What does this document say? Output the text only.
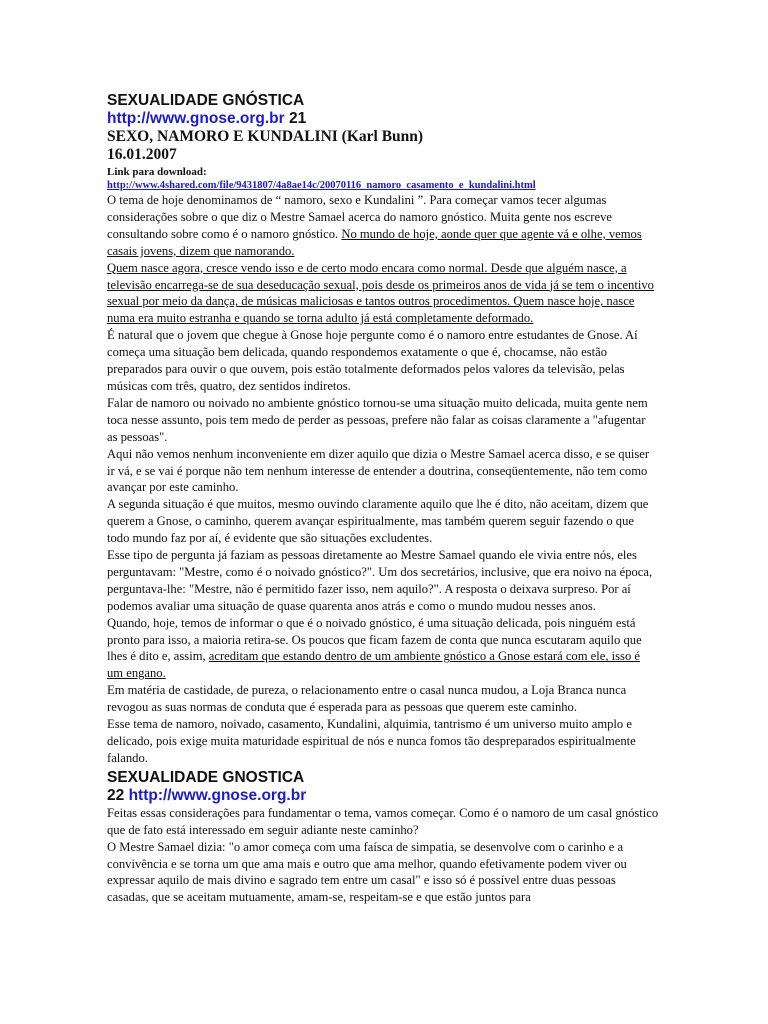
SEXUALIDADE GNÓSTICA

http://www.gnose.org.br 21

SEXO, NAMORO E KUNDALINI (Karl Bunn)

16.01.2007

Link para download:

http://www.4shared.com/file/9431807/4a8ae14c/20070116_namoro_casamento_e_kundalini.html

O tema de hoje denominamos de “ namoro, sexo e Kundalini ”. Para começar vamos tecer algumas considerações sobre o que diz o Mestre Samael acerca do namoro gnóstico. Muita gente nos escreve consultando sobre como é o namoro gnóstico. No mundo de hoje, aonde quer que agente vá e olhe, vemos casais jovens, dizem que namorando.

Quem nasce agora, cresce vendo isso e de certo modo encara como normal. Desde que alguém nasce, a televisão encarrega-se de sua deseducação sexual, pois desde os primeiros anos de vida já se tem o incentivo sexual por meio da dança, de músicas maliciosas e tantos outros procedimentos. Quem nasce hoje, nasce numa era muito estranha e quando se torna adulto já está completamente deformado.

É natural que o jovem que chegue à Gnose hoje pergunte como é o namoro entre estudantes de Gnose. Aí começa uma situação bem delicada, quando respondemos exatamente o que é, chocamse, não estão preparados para ouvir o que ouvem, pois estão totalmente deformados pelos valores da televisão, pelas músicas com três, quatro, dez sentidos indiretos.

Falar de namoro ou noivado no ambiente gnóstico tornou-se uma situação muito delicada, muita gente nem toca nesse assunto, pois tem medo de perder as pessoas, prefere não falar as coisas claramente a "afugentar as pessoas".

Aqui não vemos nenhum inconveniente em dizer aquilo que dizia o Mestre Samael acerca disso, e se quiser ir vá, e se vai é porque não tem nenhum interesse de entender a doutrina, conseqüentemente, não tem como avançar por este caminho.

A segunda situação é que muitos, mesmo ouvindo claramente aquilo que lhe é dito, não aceitam, dizem que querem a Gnose, o caminho, querem avançar espiritualmente, mas também querem seguir fazendo o que todo mundo faz por aí, é evidente que são situações excludentes.

Esse tipo de pergunta já faziam as pessoas diretamente ao Mestre Samael quando ele vivia entre nós, eles perguntavam: "Mestre, como é o noivado gnóstico?". Um dos secretários, inclusive, que era noivo na época, perguntava-lhe: "Mestre, não é permitido fazer isso, nem aquilo?". A resposta o deixava surpreso. Por aí podemos avaliar uma situação de quase quarenta anos atrás e como o mundo mudou nesses anos.

Quando, hoje, temos de informar o que é o noivado gnóstico, é uma situação delicada, pois ninguém está pronto para isso, a maioria retira-se. Os poucos que ficam fazem de conta que nunca escutaram aquilo que lhes é dito e, assim, acreditam que estando dentro de um ambiente gnóstico a Gnose estará com ele, isso é um engano.

Em matéria de castidade, de pureza, o relacionamento entre o casal nunca mudou, a Loja Branca nunca revogou as suas normas de conduta que é esperada para as pessoas que querem este caminho.

Esse tema de namoro, noivado, casamento, Kundalini, alquimia, tantrismo é um universo muito amplo e delicado, pois exige muita maturidade espiritual de nós e nunca fomos tão despreparados espiritualmente falando.

SEXUALIDADE GNOSTICA

22 http://www.gnose.org.br

Feitas essas considerações para fundamentar o tema, vamos começar. Como é o namoro de um casal gnóstico que de fato está interessado em seguir adiante neste caminho?

O Mestre Samael dizia: "o amor começa com uma faísca de simpatia, se desenvolve com o carinho e a convivência e se torna um que ama mais e outro que ama melhor, quando efetivamente podem viver ou expressar aquilo de mais divino e sagrado tem entre um casal" e isso só é possível entre duas pessoas casadas, que se aceitam mutuamente, amam-se, respeitam-se e que estão juntos para
